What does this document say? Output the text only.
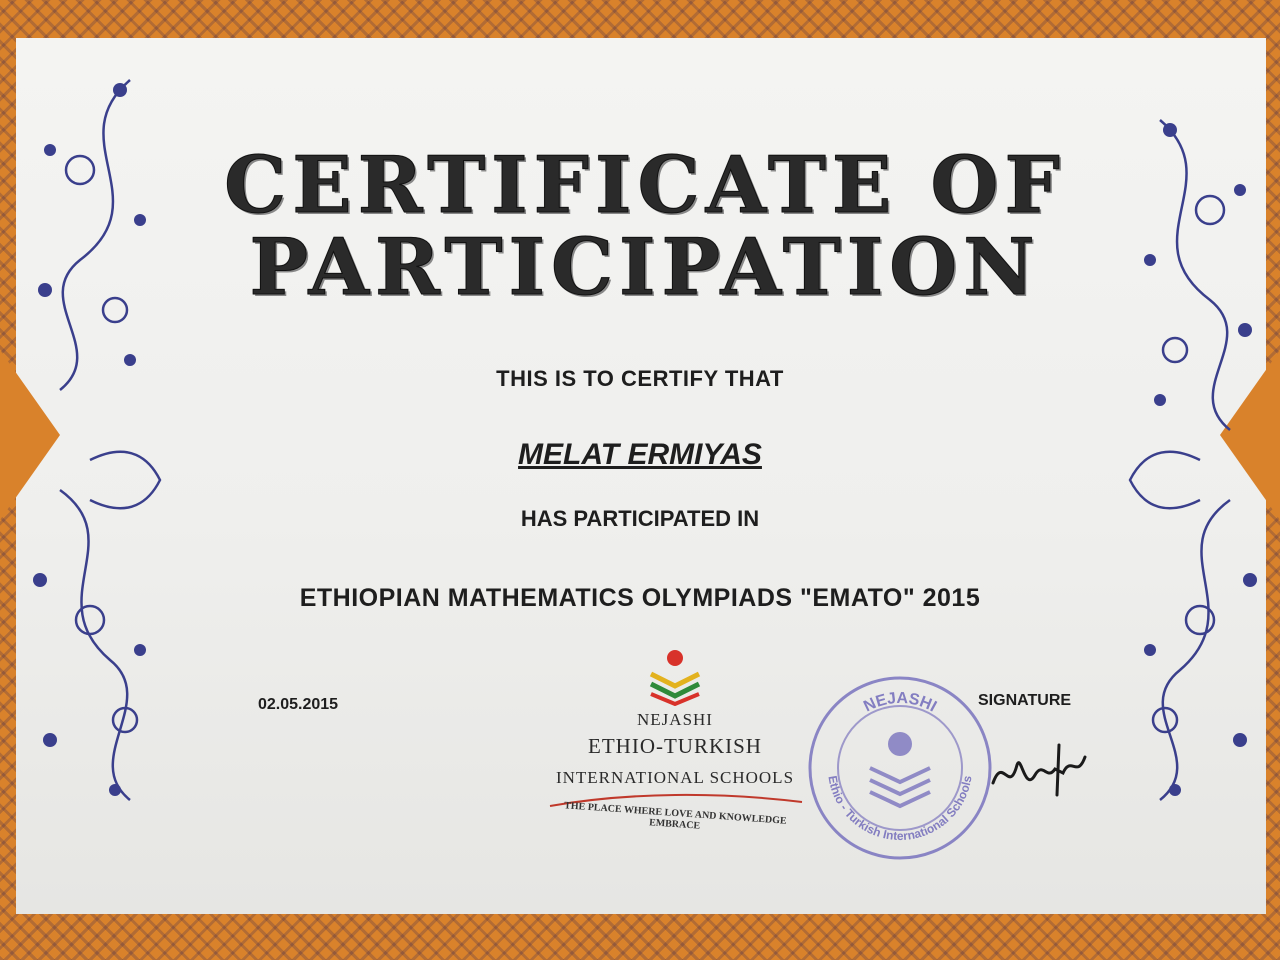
CERTIFICATE OF
PARTICIPATION

THIS IS TO CERTIFY THAT

MELAT ERMIYAS

HAS PARTICIPATED IN

ETHIOPIAN MATHEMATICS OLYMPIADS "EMATO" 2015

02.05.2015	SIGNATURE

NEJASHI
ETHIO-TURKISH
INTERNATIONAL SCHOOLS
THE PLACE WHERE LOVE AND KNOWLEDGE EMBRACE
NEJASHI
Ethio - Turkish International Schools
